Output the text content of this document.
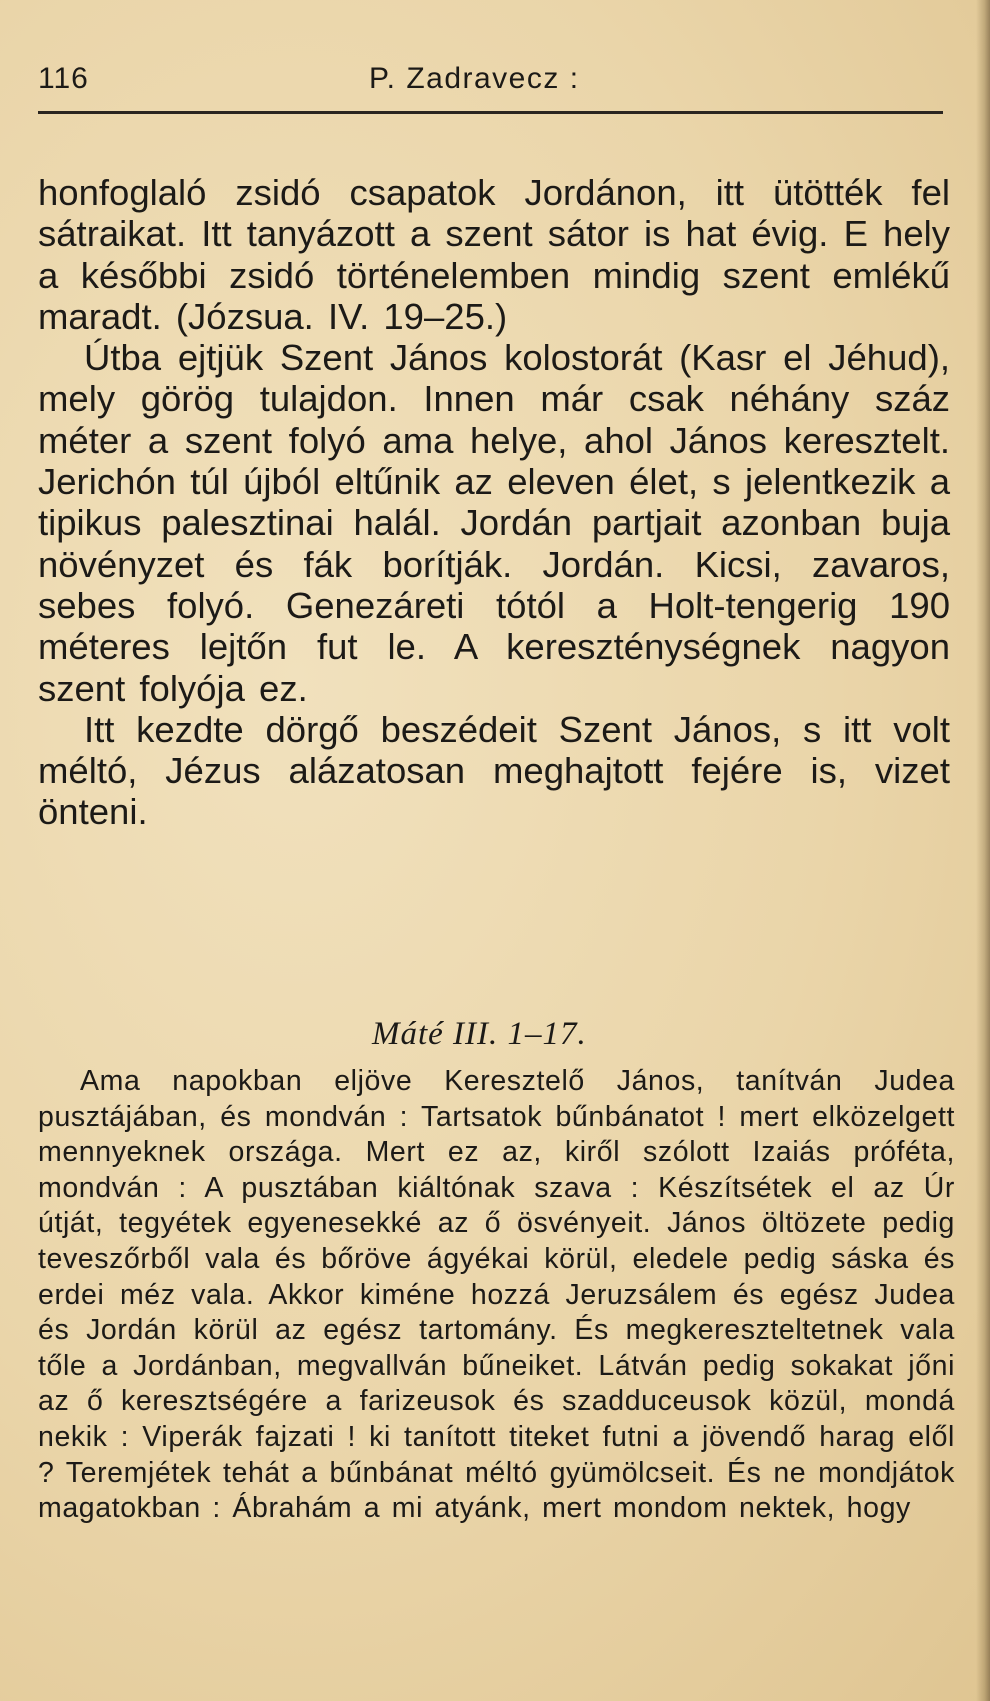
116	P. Zadravecz :

honfoglaló zsidó csapatok Jordánon, itt ütötték fel sátraikat. Itt tanyázott a szent sátor is hat évig. E hely a későbbi zsidó történelemben mindig szent emlékű maradt. (Józsua. IV. 19–25.)

Útba ejtjük Szent János kolostorát (Kasr el Jéhud), mely görög tulajdon. Innen már csak néhány száz méter a szent folyó ama helye, ahol János keresztelt. Jerichón túl újból eltűnik az eleven élet, s jelentkezik a tipikus palesztinai halál. Jordán partjait azonban buja növényzet és fák borítják. Jordán. Kicsi, zavaros, sebes folyó. Genezáreti tótól a Holt-tengerig 190 méteres lejtőn fut le. A kereszténységnek nagyon szent folyója ez.

Itt kezdte dörgő beszédeit Szent János, s itt volt méltó, Jézus alázatosan meghajtott fejére is, vizet önteni.

Máté III. 1–17.

Ama napokban eljöve Keresztelő János, tanítván Judea pusztájában, és mondván : Tartsatok bűnbánatot ! mert elközelgett mennyeknek országa. Mert ez az, kiről szólott Izaiás próféta, mondván : A pusztában kiáltónak szava : Készítsétek el az Úr útját, tegyétek egyenesekké az ő ösvényeit. János öltözete pedig teveszőrből vala és bőröve ágyékai körül, eledele pedig sáska és erdei méz vala. Akkor kiméne hozzá Jeruzsálem és egész Judea és Jordán körül az egész tartomány. És megkereszteltetnek vala tőle a Jordánban, megvallván bűneiket. Látván pedig sokakat jőni az ő keresztségére a farizeusok és szadduceusok közül, mondá nekik : Viperák fajzati ! ki tanított titeket futni a jövendő harag elől ? Teremjétek tehát a bűnbánat méltó gyümölcseit. És ne mondjátok magatokban : Ábrahám a mi atyánk, mert mondom nektek, hogy
